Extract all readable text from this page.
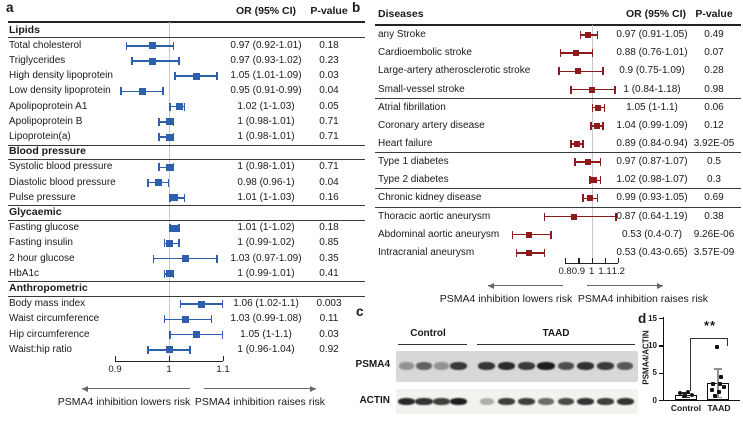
a	b
c	d
OR (95% CI)	P-value	Diseases	OR (95% CI) P-value
Control	TAAD
PSMA4
ACTIN
PSMA4/ACTIN
**
Control TAAD
Lipids
Total cholesterol	0.97 (0.92-1.01)	0.18
Triglycerides	0.97 (0.93-1.02)	0.23
High density lipoprotein	1.05 (1.01-1.09)	0.03
Low density lipoprotein	0.95 (0.91-0.99)	0.04
Apolipoprotein A1	1.02 (1-1.03)	0.05
Apolipoprotein B	1 (0.98-1.01)	0.71
Lipoprotein(a)	1 (0.98-1.01)	0.71
Blood pressure
Systolic blood pressure	1 (0.98-1.01)	0.71
Diastolic blood pressure	0.98 (0.96-1)	0.04
Pulse pressure	1.01 (1-1.03)	0.16
Glycaemic
Fasting glucose	1.01 (1-1.02)	0.18
Fasting insulin	1 (0.99-1.02)	0.85
2 hour glucose	1.03 (0.97-1.09)	0.35
HbA1c	1 (0.99-1.01)	0.41
Anthropometric
Body mass index	1.06 (1.02-1.1)	0.003
Waist circumference	1.03 (0.99-1.08)	0.11
Hip circumference	1.05 (1-1.1)	0.03
Waist:hip ratio	1 (0.96-1.04)	0.92
0.9	1	1.1
PSMA4 inhibition lowers risk PSMA4 inhibition raises risk
any Stroke	0.97 (0.91-1.05)	0.49
Cardioembolic stroke	0.88 (0.76-1.01)	0.07
Large-artery atherosclerotic stroke	0.9 (0.75-1.09)	0.28
Small-vessel stroke	1 (0.84-1.18)	0.98
Atrial fibrillation	1.05 (1-1.1)	0.06
Coronary artery disease	1.04 (0.99-1.09)	0.12
Heart failure	0.89 (0.84-0.94) 3.92E-05
Type 1 diabetes	0.97 (0.87-1.07)	0.5
Type 2 diabetes	1.02 (0.98-1.07)	0.3
Chronic kidney disease	0.99 (0.93-1.05)	0.69
Thoracic aortic aneurysm	0.87 (0.64-1.19)	0.38
Abdominal aortic aneurysm	0.53 (0.4-0.7)	9.26E-06
Intracranial aneurysm	0.53 (0.43-0.65) 3.57E-09
0.8 0.9 1 1.1 1.2
PSMA4 inhibition lowers risk PSMA4 inhibition raises risk
0
5
10
15
